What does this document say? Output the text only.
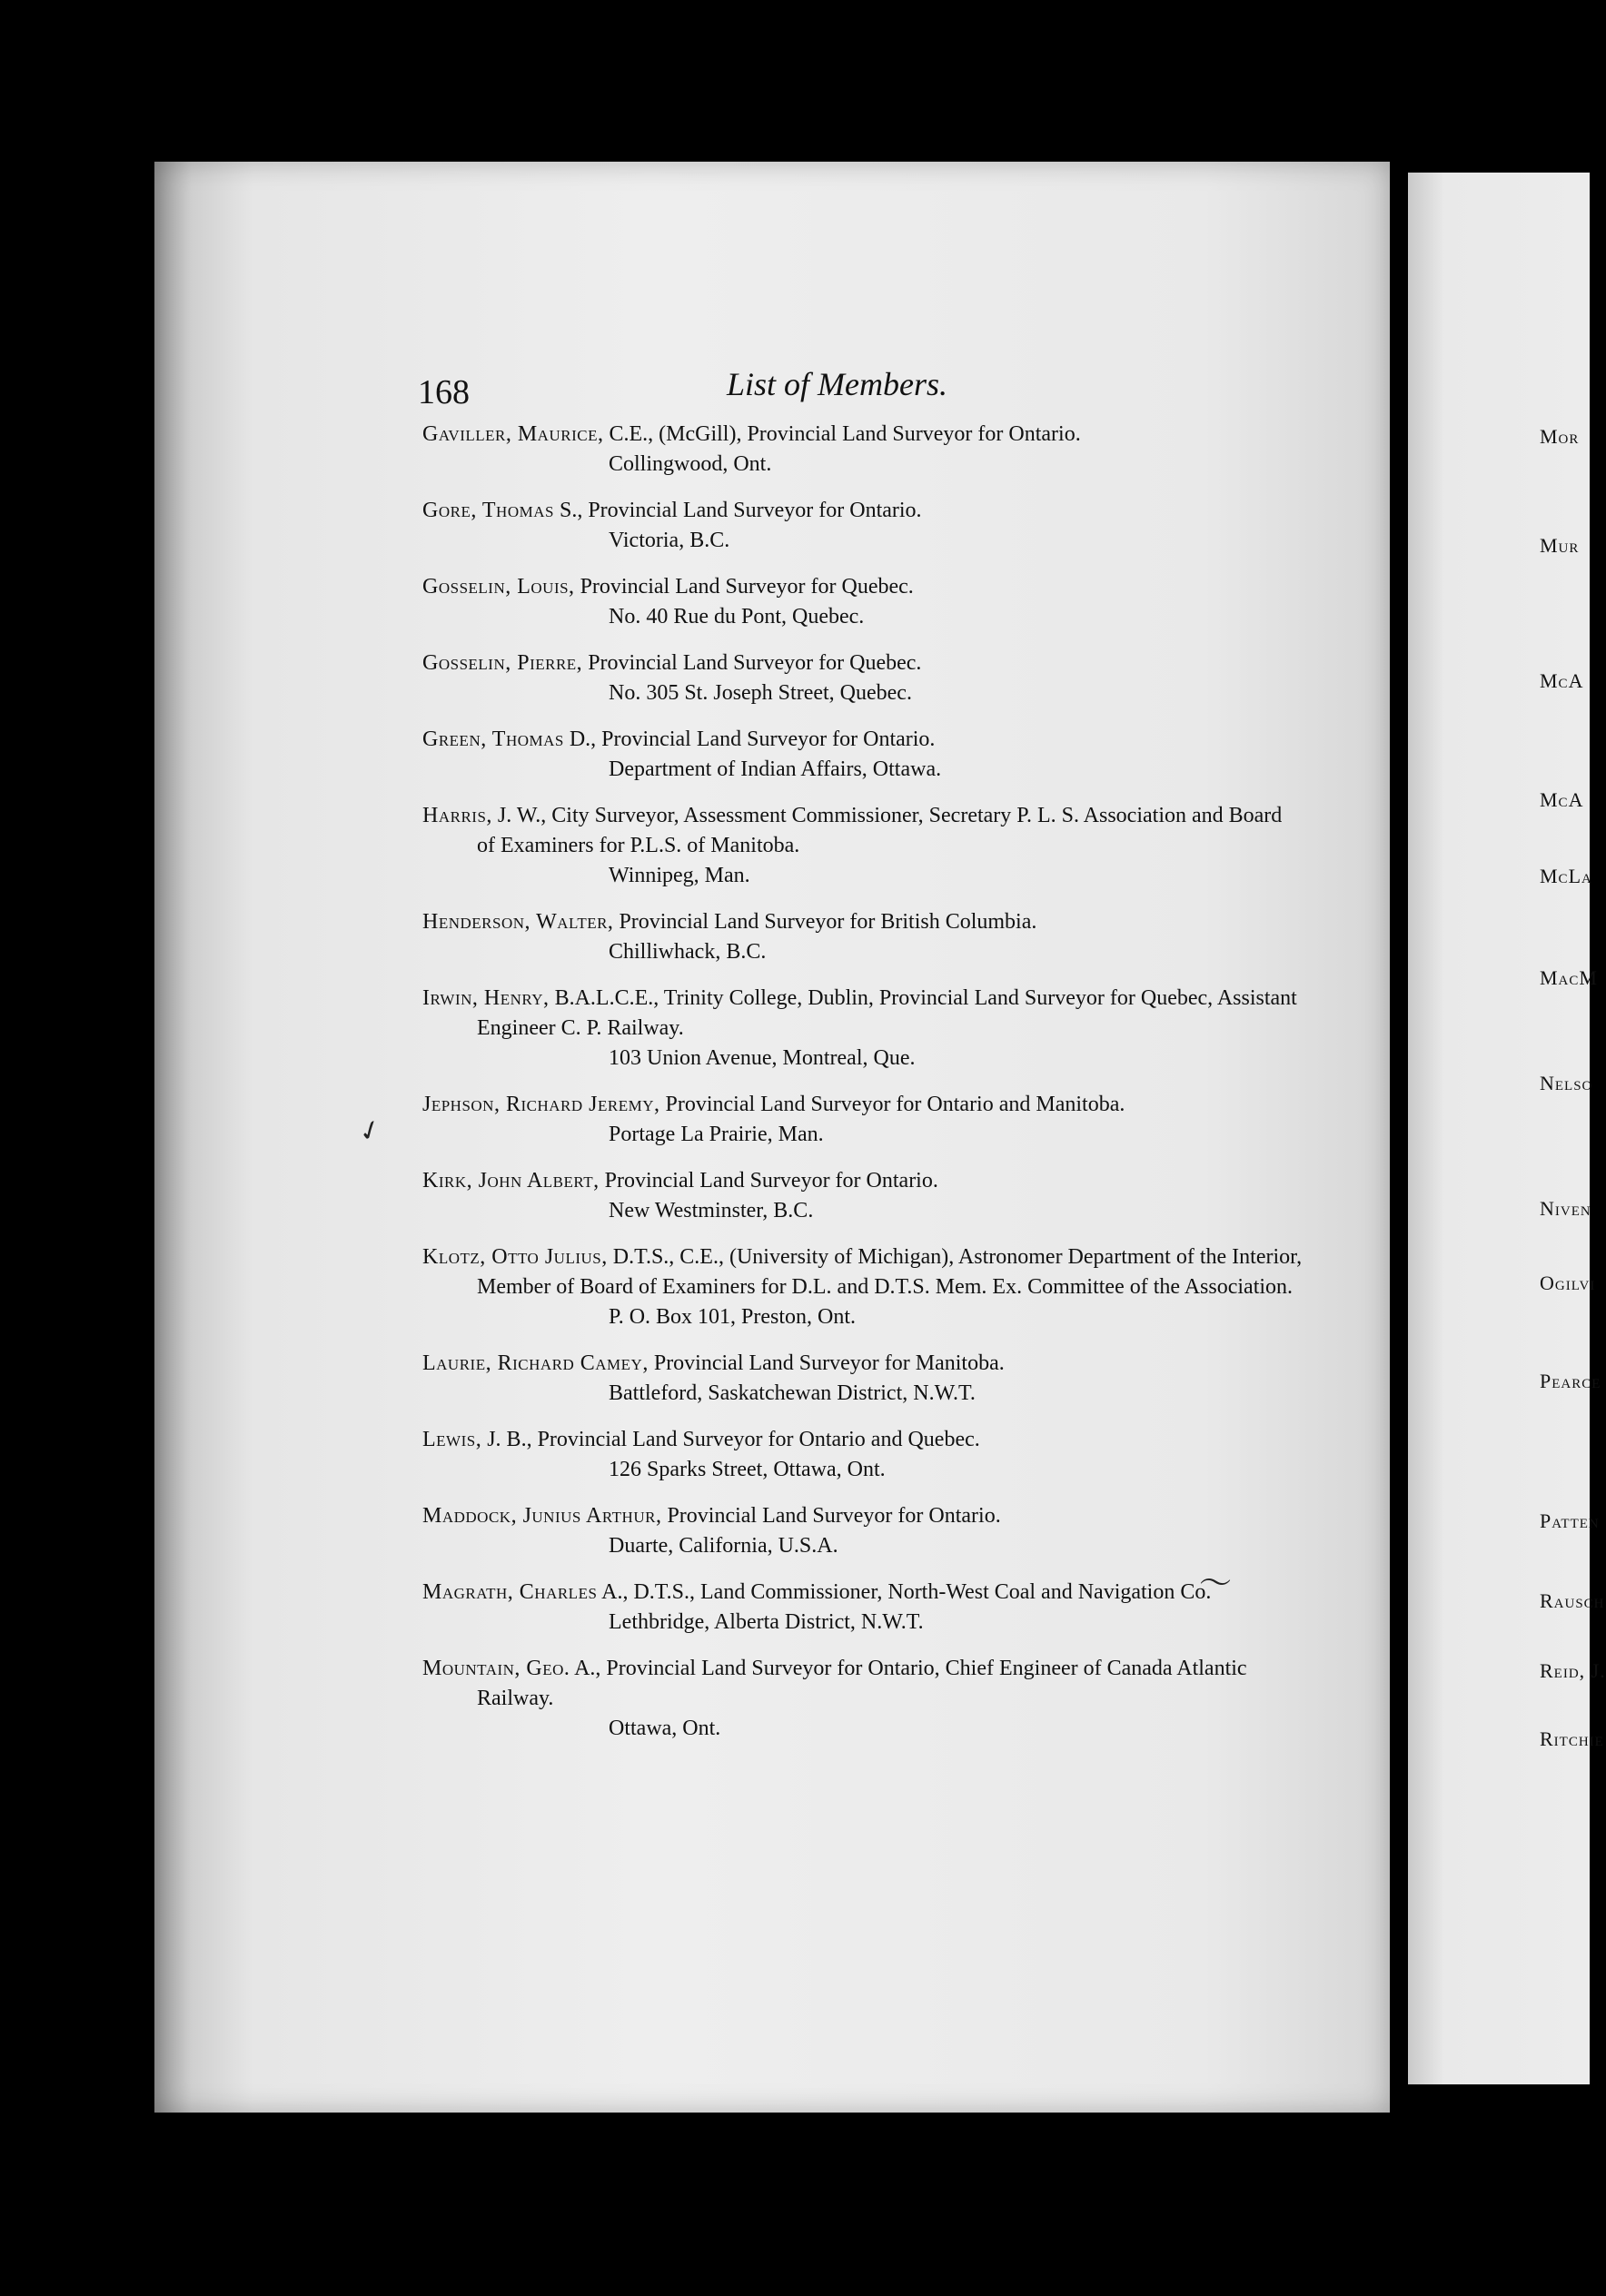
Mor
Mur
McA
McA
McLa
MacM
Nelso
Niven
Ogilvi
Pearce
Patten
Rausch
Reid, J.
Ritchie
168	List of Members.
Gaviller, Maurice, C.E., (McGill), Provincial Land Surveyor for Ontario.
Collingwood, Ont.
Gore, Thomas S., Provincial Land Surveyor for Ontario.
Victoria, B.C.
Gosselin, Louis, Provincial Land Surveyor for Quebec.
No. 40 Rue du Pont, Quebec.
Gosselin, Pierre, Provincial Land Surveyor for Quebec.
No. 305 St. Joseph Street, Quebec.
Green, Thomas D., Provincial Land Surveyor for Ontario.
Department of Indian Affairs, Ottawa.
Harris, J. W., City Surveyor, Assessment Commissioner, Secretary P. L. S. Association and Board of Examiners for P.L.S. of Manitoba.
Winnipeg, Man.
Henderson, Walter, Provincial Land Surveyor for British Columbia.
Chilliwhack, B.C.
Irwin, Henry, B.A.L.C.E., Trinity College, Dublin, Provincial Land Surveyor for Quebec, Assistant Engineer C. P. Railway.
103 Union Avenue, Montreal, Que.
Jephson, Richard Jeremy, Provincial Land Surveyor for Ontario and Manitoba.
Portage La Prairie, Man.
Kirk, John Albert, Provincial Land Surveyor for Ontario.
New Westminster, B.C.
Klotz, Otto Julius, D.T.S., C.E., (University of Michigan), Astronomer Department of the Interior, Member of Board of Examiners for D.L. and D.T.S. Mem. Ex. Committee of the Association.
P. O. Box 101, Preston, Ont.
Laurie, Richard Camey, Provincial Land Surveyor for Manitoba.
Battleford, Saskatchewan District, N.W.T.
Lewis, J. B., Provincial Land Surveyor for Ontario and Quebec.
126 Sparks Street, Ottawa, Ont.
Maddock, Junius Arthur, Provincial Land Surveyor for Ontario.
Duarte, California, U.S.A.
Magrath, Charles A., D.T.S., Land Commissioner, North-West Coal and Navigation Co.
Lethbridge, Alberta District, N.W.T.
Mountain, Geo. A., Provincial Land Surveyor for Ontario, Chief Engineer of Canada Atlantic Railway.
Ottawa, Ont.
✓
〜
